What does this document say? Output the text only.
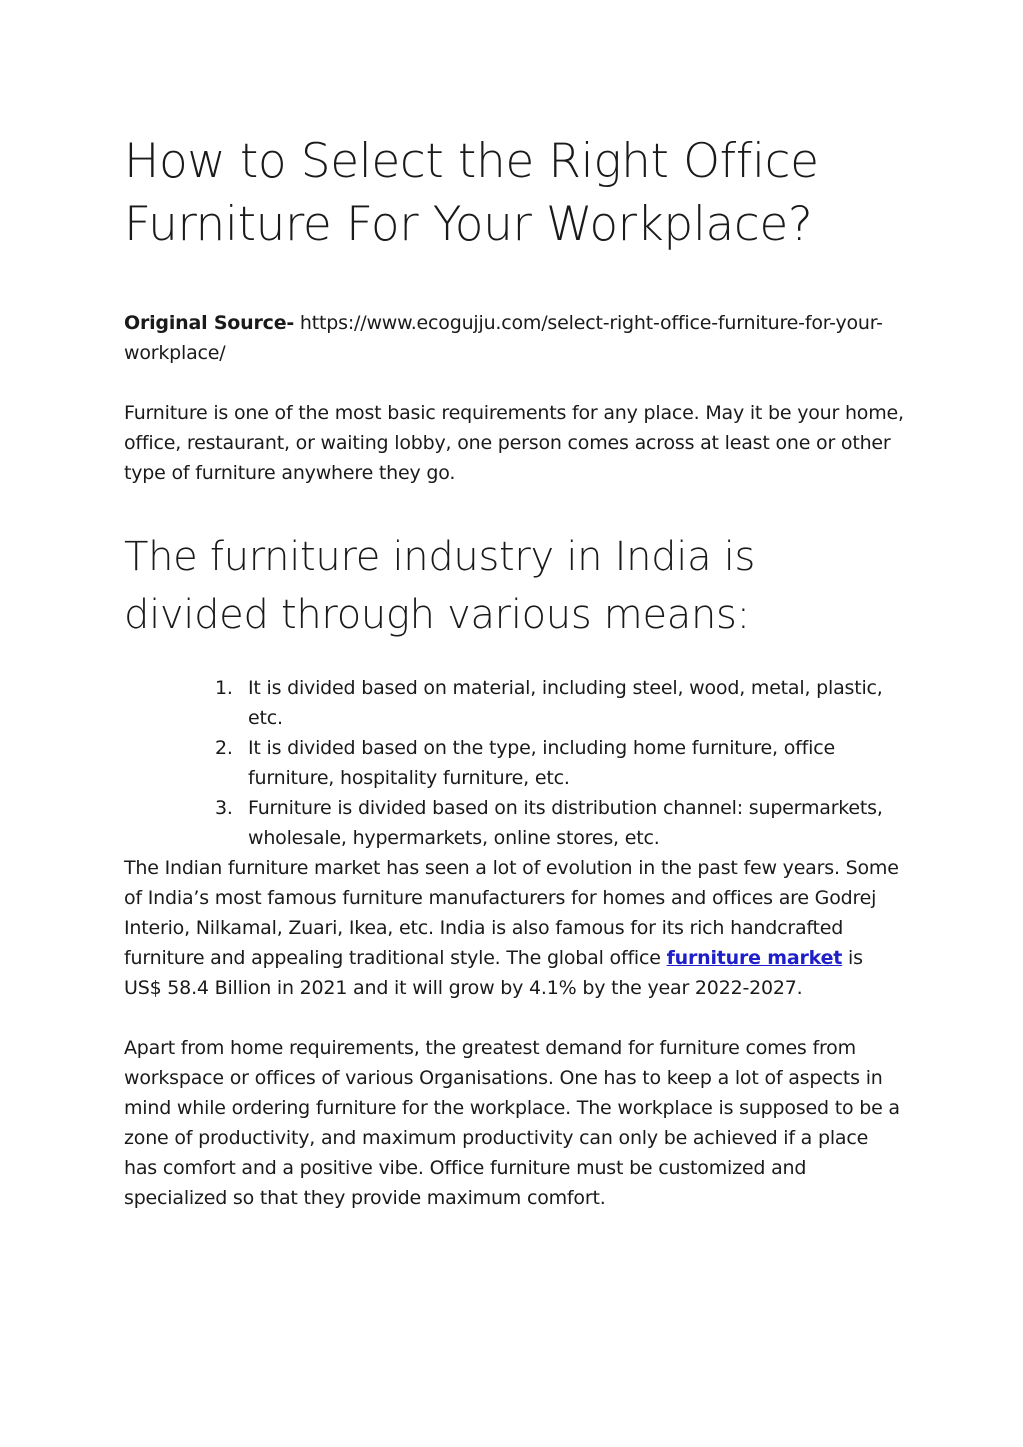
How to Select the Right Office
Furniture For Your Workplace?

Original Source- https://www.ecogujju.com/select-right-office-furniture-for-your-workplace/

Furniture is one of the most basic requirements for any place. May it be your home, office, restaurant, or waiting lobby, one person comes across at least one or other type of furniture anywhere they go.

The furniture industry in India is divided through various means:
1. It is divided based on material, including steel, wood, metal, plastic, etc.
2. It is divided based on the type, including home furniture, office furniture, hospitality furniture, etc.
3. Furniture is divided based on its distribution channel: supermarkets, wholesale, hypermarkets, online stores, etc.

The Indian furniture market has seen a lot of evolution in the past few years. Some of India’s most famous furniture manufacturers for homes and offices are Godrej Interio, Nilkamal, Zuari, Ikea, etc. India is also famous for its rich handcrafted furniture and appealing traditional style. The global office furniture market is US$ 58.4 Billion in 2021 and it will grow by 4.1% by the year 2022-2027.

Apart from home requirements, the greatest demand for furniture comes from workspace or offices of various Organisations. One has to keep a lot of aspects in mind while ordering furniture for the workplace. The workplace is supposed to be a zone of productivity, and maximum productivity can only be achieved if a place has comfort and a positive vibe. Office furniture must be customized and specialized so that they provide maximum comfort.
